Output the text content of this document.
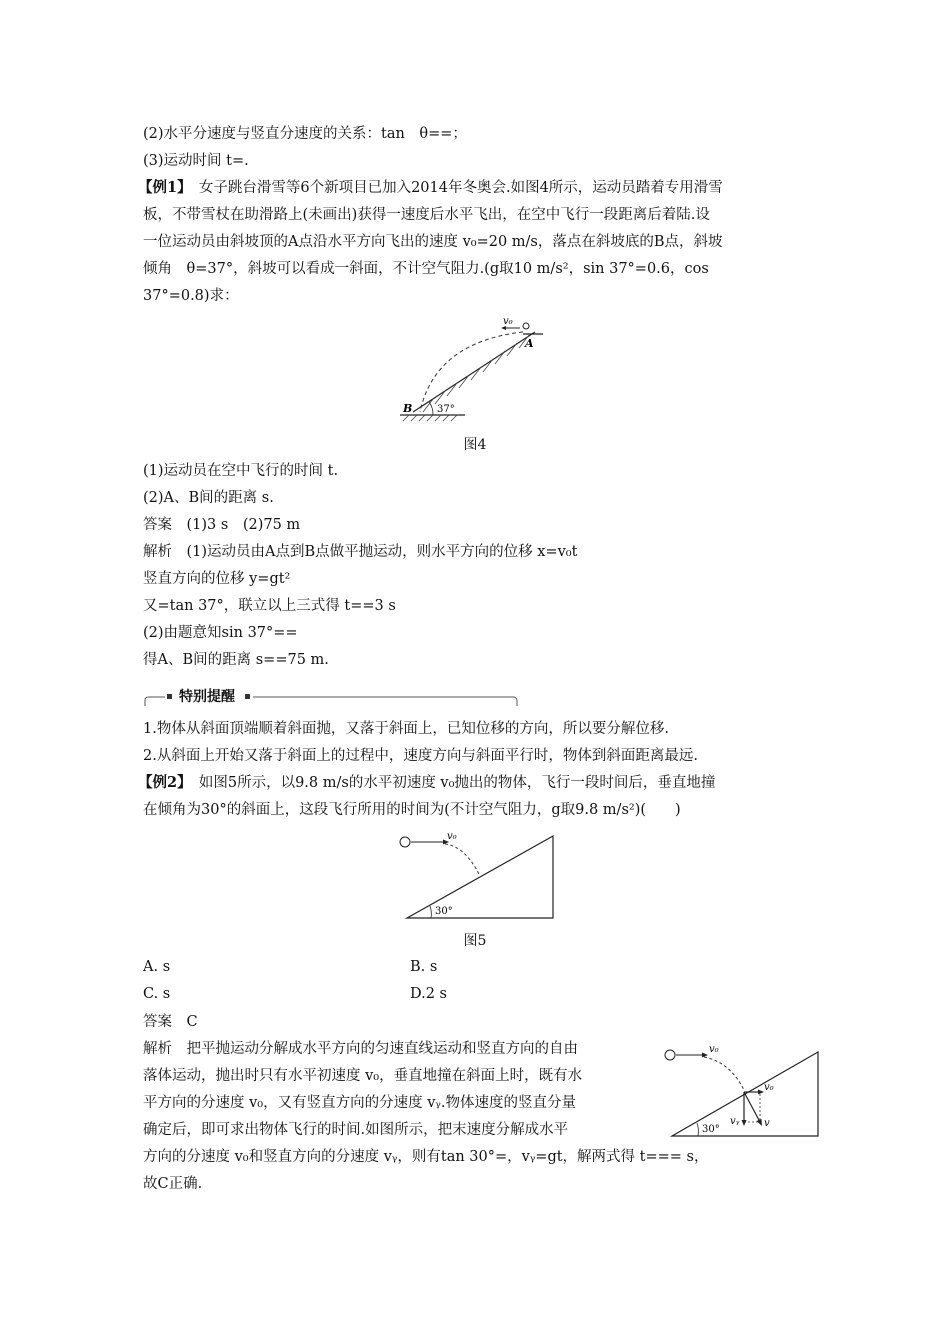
(2)水平分速度与竖直分速度的关系：tan　θ==；
(3)运动时间 t=.
【例1】　女子跳台滑雪等6个新项目已加入2014年冬奥会.如图4所示，运动员踏着专用滑雪
板，不带雪杖在助滑路上(未画出)获得一速度后水平飞出，在空中飞行一段距离后着陆.设
一位运动员由斜坡顶的A点沿水平方向飞出的速度 v₀=20 m/s，落点在斜坡底的B点，斜坡
倾角　θ=37°，斜坡可以看成一斜面，不计空气阻力.(g取10 m/s²，sin 37°=0.6，cos
37°=0.8)求：
v₀
A
B 37°
图4
(1)运动员在空中飞行的时间 t.
(2)A、B间的距离 s.
答案　(1)3 s　(2)75 m
解析　(1)运动员由A点到B点做平抛运动，则水平方向的位移 x=v₀t
竖直方向的位移 y=gt²
又=tan 37°，联立以上三式得 t==3 s
(2)由题意知sin 37°==
得A、B间的距离 s==75 m.
特别提醒
1.物体从斜面顶端顺着斜面抛，又落于斜面上，已知位移的方向，所以要分解位移.
2.从斜面上开始又落于斜面上的过程中，速度方向与斜面平行时，物体到斜面距离最远.
【例2】　如图5所示，以9.8 m/s的水平初速度 v₀抛出的物体，飞行一段时间后，垂直地撞
在倾角为30°的斜面上，这段飞行所用的时间为(不计空气阻力，g取9.8 m/s²)(　　)
v₀
30°
图5
A. s	B. s
C. s	D.2 s
答案　C
解析　把平抛运动分解成水平方向的匀速直线运动和竖直方向的自由
落体运动，抛出时只有水平初速度 v₀，垂直地撞在斜面上时，既有水
平方向的分速度 v₀，又有竖直方向的分速度 vᵧ.物体速度的竖直分量
确定后，即可求出物体飞行的时间.如图所示，把末速度分解成水平
方向的分速度 v₀和竖直方向的分速度 vᵧ，则有tan 30°=，vᵧ=gt，解两式得 t=== s，
故C正确.
v₀
v₀
vᵧ v
30°
